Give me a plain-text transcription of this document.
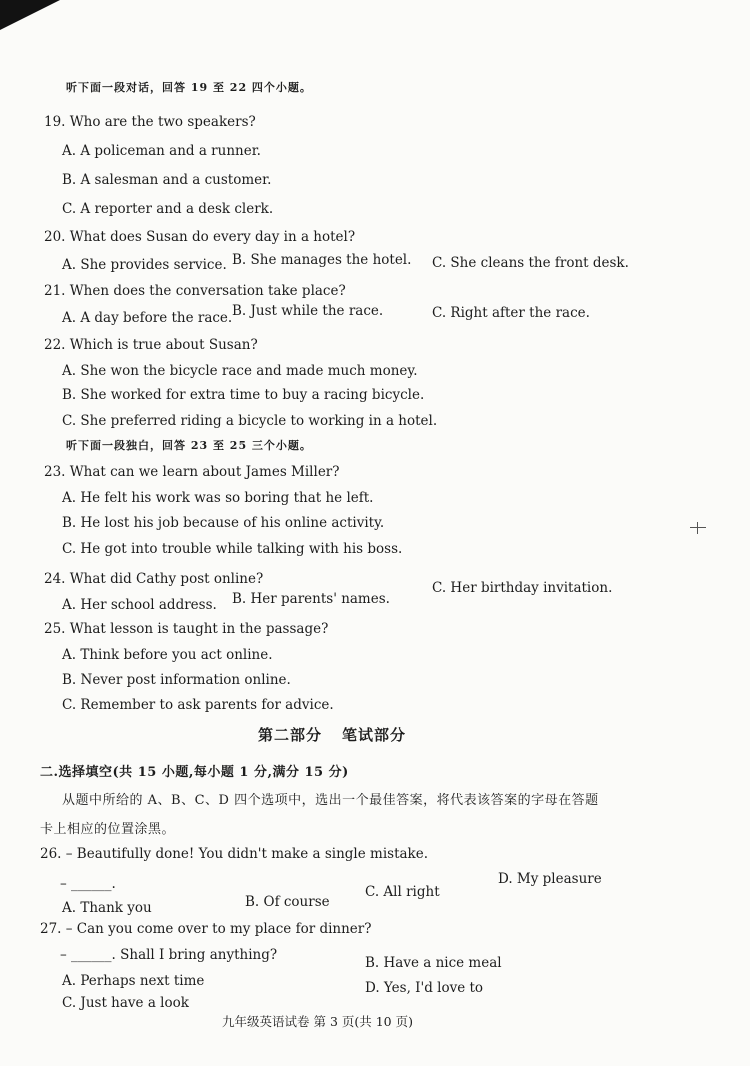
听下面一段对话，回答 19 至 22 四个小题。
19. Who are the two speakers?
A. A policeman and a runner.
B. A salesman and a customer.
C. A reporter and a desk clerk.
20. What does Susan do every day in a hotel?
A. She provides service. B. She manages the hotel. C. She cleans the front desk.
21. When does the conversation take place?
A. A day before the race. B. Just while the race.	C. Right after the race.
22. Which is true about Susan?
A. She won the bicycle race and made much money.
B. She worked for extra time to buy a racing bicycle.
C. She preferred riding a bicycle to working in a hotel.
听下面一段独白，回答 23 至 25 三个小题。
23. What can we learn about James Miller?
A. He felt his work was so boring that he left.
B. He lost his job because of his online activity.
C. He got into trouble while talking with his boss.
24. What did Cathy post online?
A. Her school address. B. Her parents' names.
C. Her birthday invitation.
25. What lesson is taught in the passage?
A. Think before you act online.
B. Never post information online.
C. Remember to ask parents for advice.
第二部分 笔试部分
二.选择填空(共 15 小题,每小题 1 分,满分 15 分)
从题中所给的 A、B、C、D 四个选项中，选出一个最佳答案，将代表该答案的字母在答题
卡上相应的位置涂黑。
26. – Beautifully done! You didn't make a single mistake.
– ______.
A. Thank you	B. Of course
C. All right
D. My pleasure
27. – Can you come over to my place for dinner?
– ______. Shall I bring anything?
A. Perhaps next time
B. Have a nice meal
C. Just have a look
D. Yes, I'd love to
九年级英语试卷 第 3 页(共 10 页)
